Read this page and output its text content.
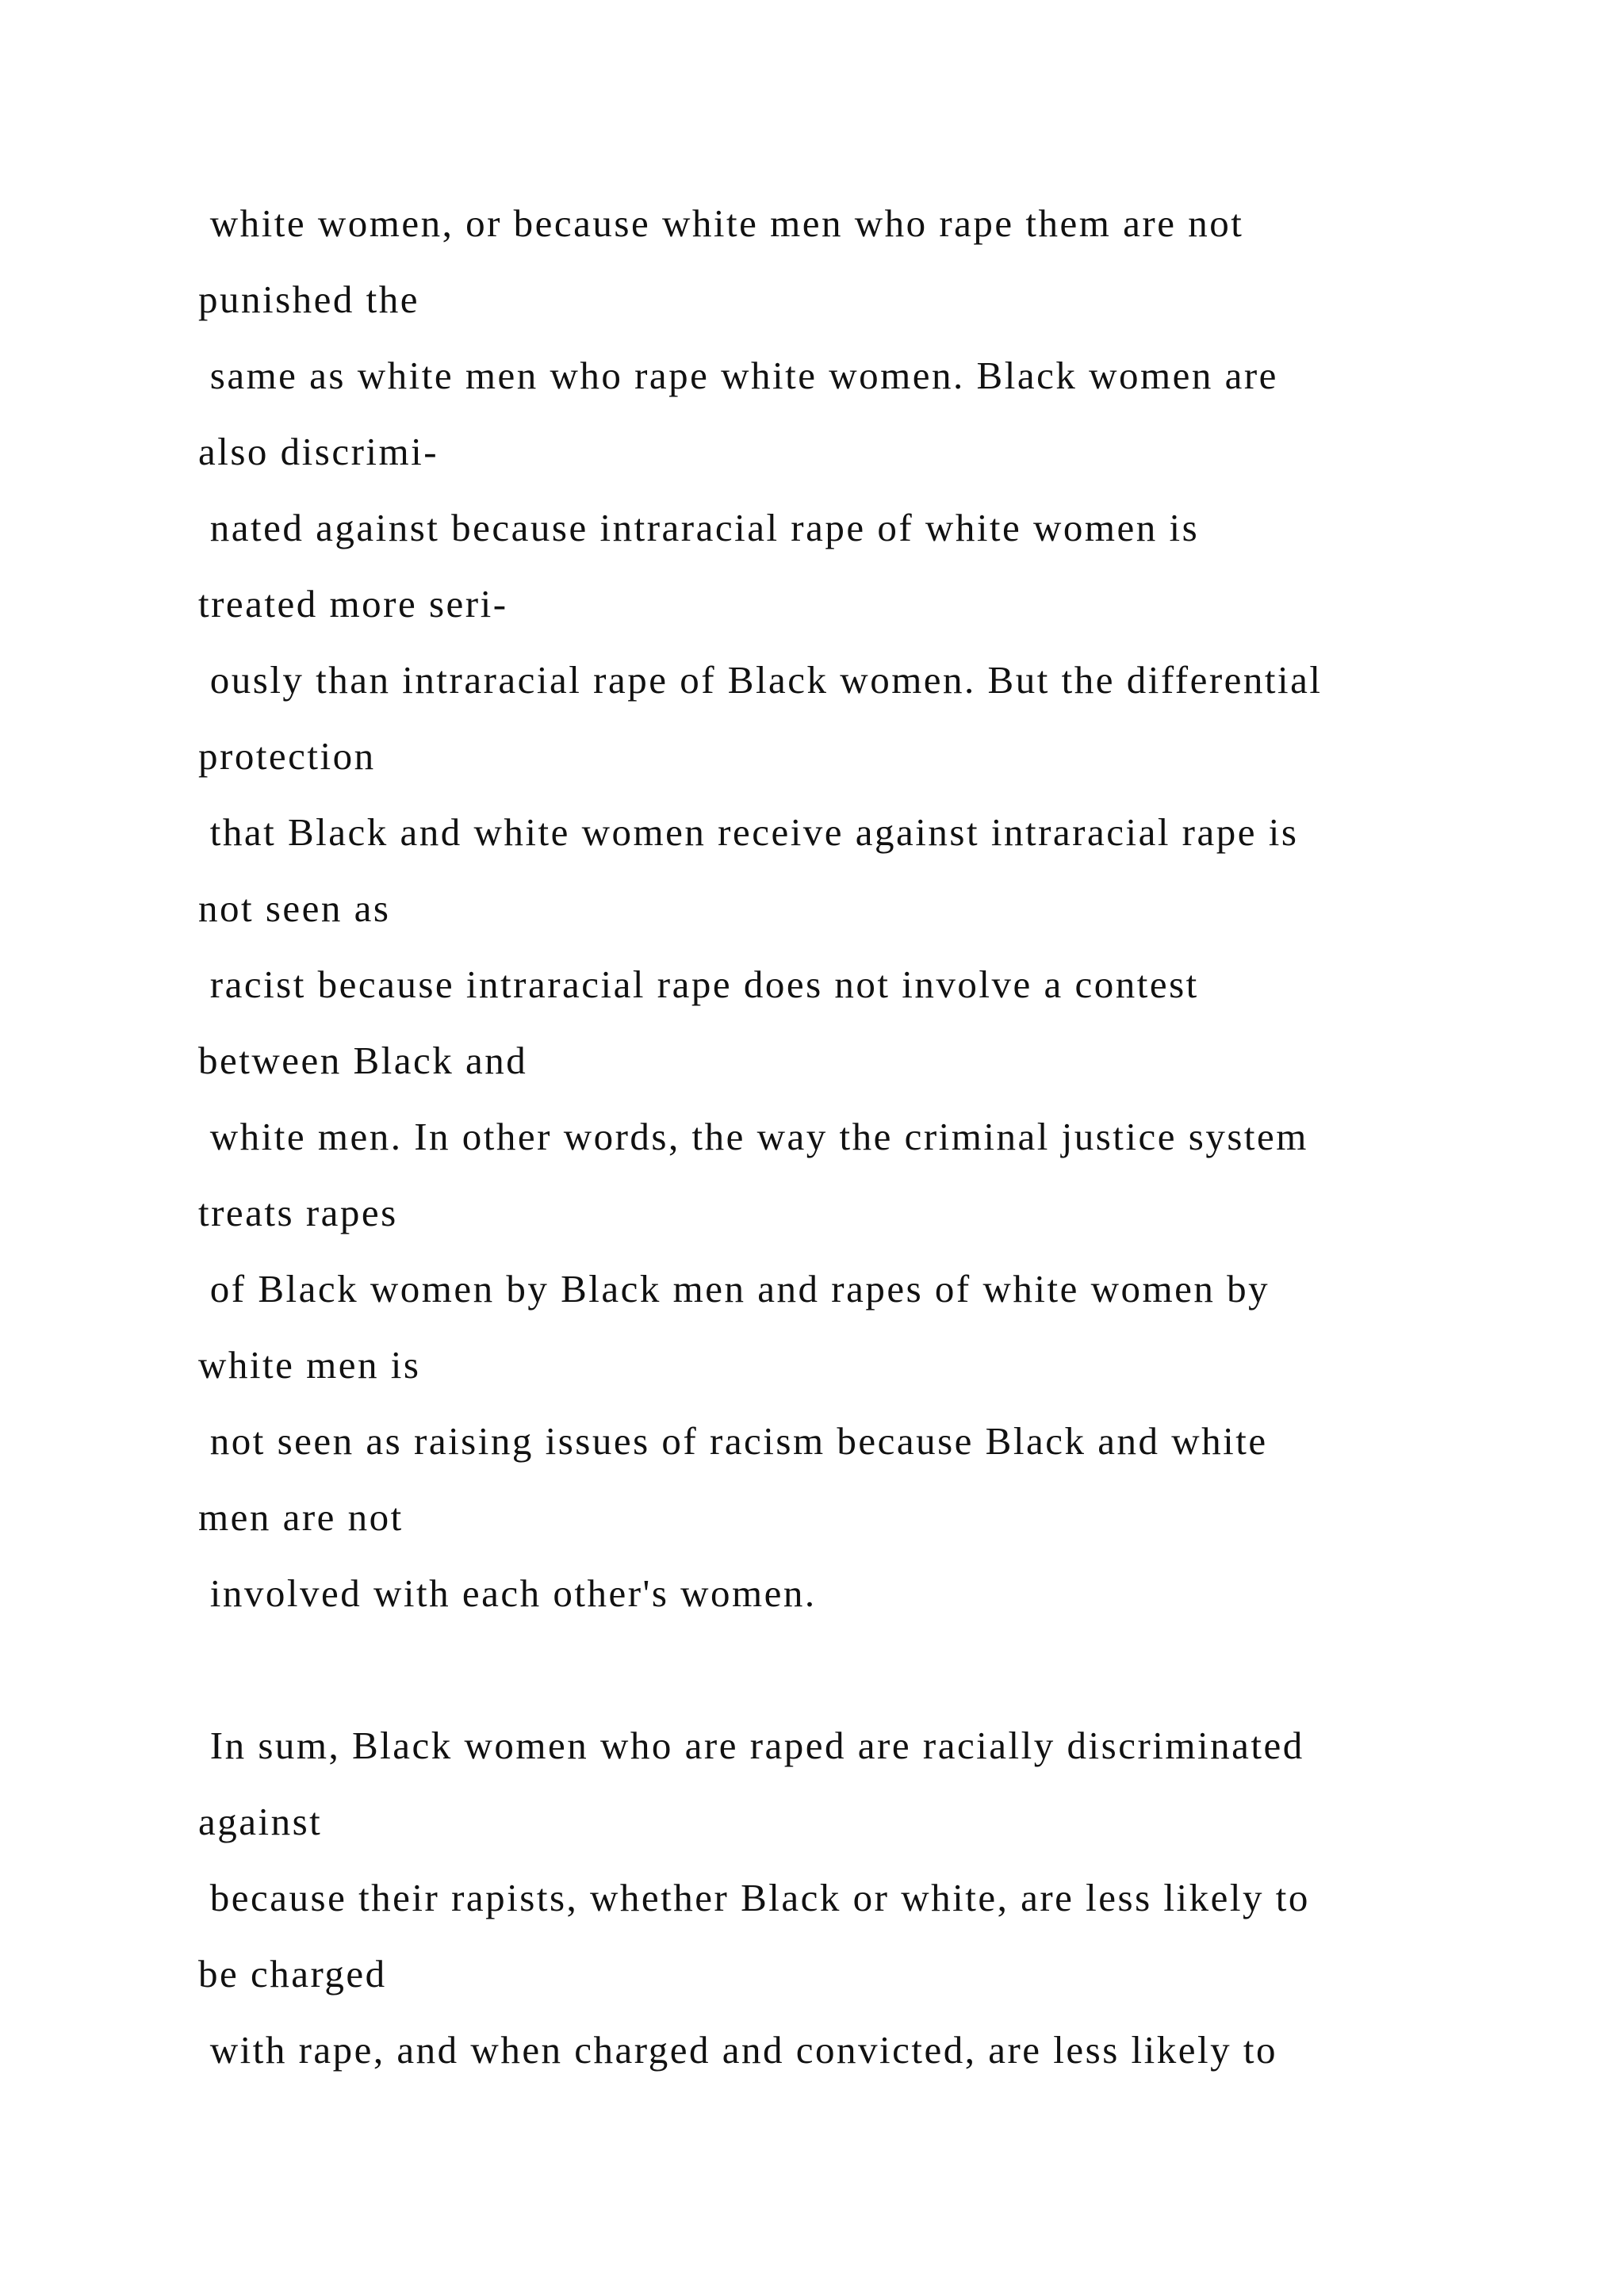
white women, or because white men who rape them are not

punished the

same as white men who rape white women. Black women are

also discrimi-

nated against because intraracial rape of white women is

treated more seri-

ously than intraracial rape of Black women. But the differential

protection

that Black and white women receive against intraracial rape is

not seen as

racist because intraracial rape does not involve a contest

between Black and

white men. In other words, the way the criminal justice system

treats rapes

of Black women by Black men and rapes of white women by

white men is

not seen as raising issues of racism because Black and white

men are not

involved with each other's women.

In sum, Black women who are raped are racially discriminated

against

because their rapists, whether Black or white, are less likely to

be charged

with rape, and when charged and convicted, are less likely to
